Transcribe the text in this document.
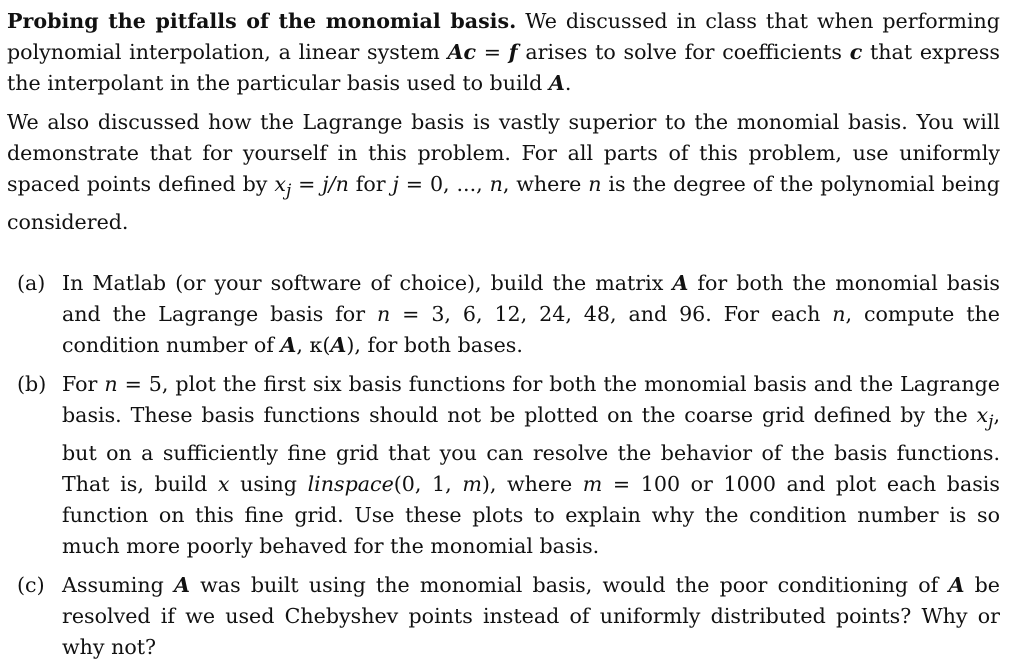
Probing the pitfalls of the monomial basis. We discussed in class that when performing polynomial interpolation, a linear system Ac = f arises to solve for coefficients c that express the interpolant in the particular basis used to build A.

We also discussed how the Lagrange basis is vastly superior to the monomial basis. You will demonstrate that for yourself in this problem. For all parts of this problem, use uniformly spaced points defined by $x_j = j/n$ for j = 0, ..., n, where n is the degree of the polynomial being considered.

(a) In Matlab (or your software of choice), build the matrix A for both the monomial basis and the Lagrange basis for n = 3, 6, 12, 24, 48, and 96. For each n, compute the condition number of A, κ(A), for both bases.
(b) For n = 5, plot the first six basis functions for both the monomial basis and the Lagrange basis. These basis functions should not be plotted on the coarse grid defined by the $x_j$, but on a sufficiently fine grid that you can resolve the behavior of the basis functions. That is, build x using linspace(0, 1, m), where m = 100 or 1000 and plot each basis function on this fine grid. Use these plots to explain why the condition number is so much more poorly behaved for the monomial basis.
(c) Assuming A was built using the monomial basis, would the poor conditioning of A be resolved if we used Chebyshev points instead of uniformly distributed points? Why or why not?
